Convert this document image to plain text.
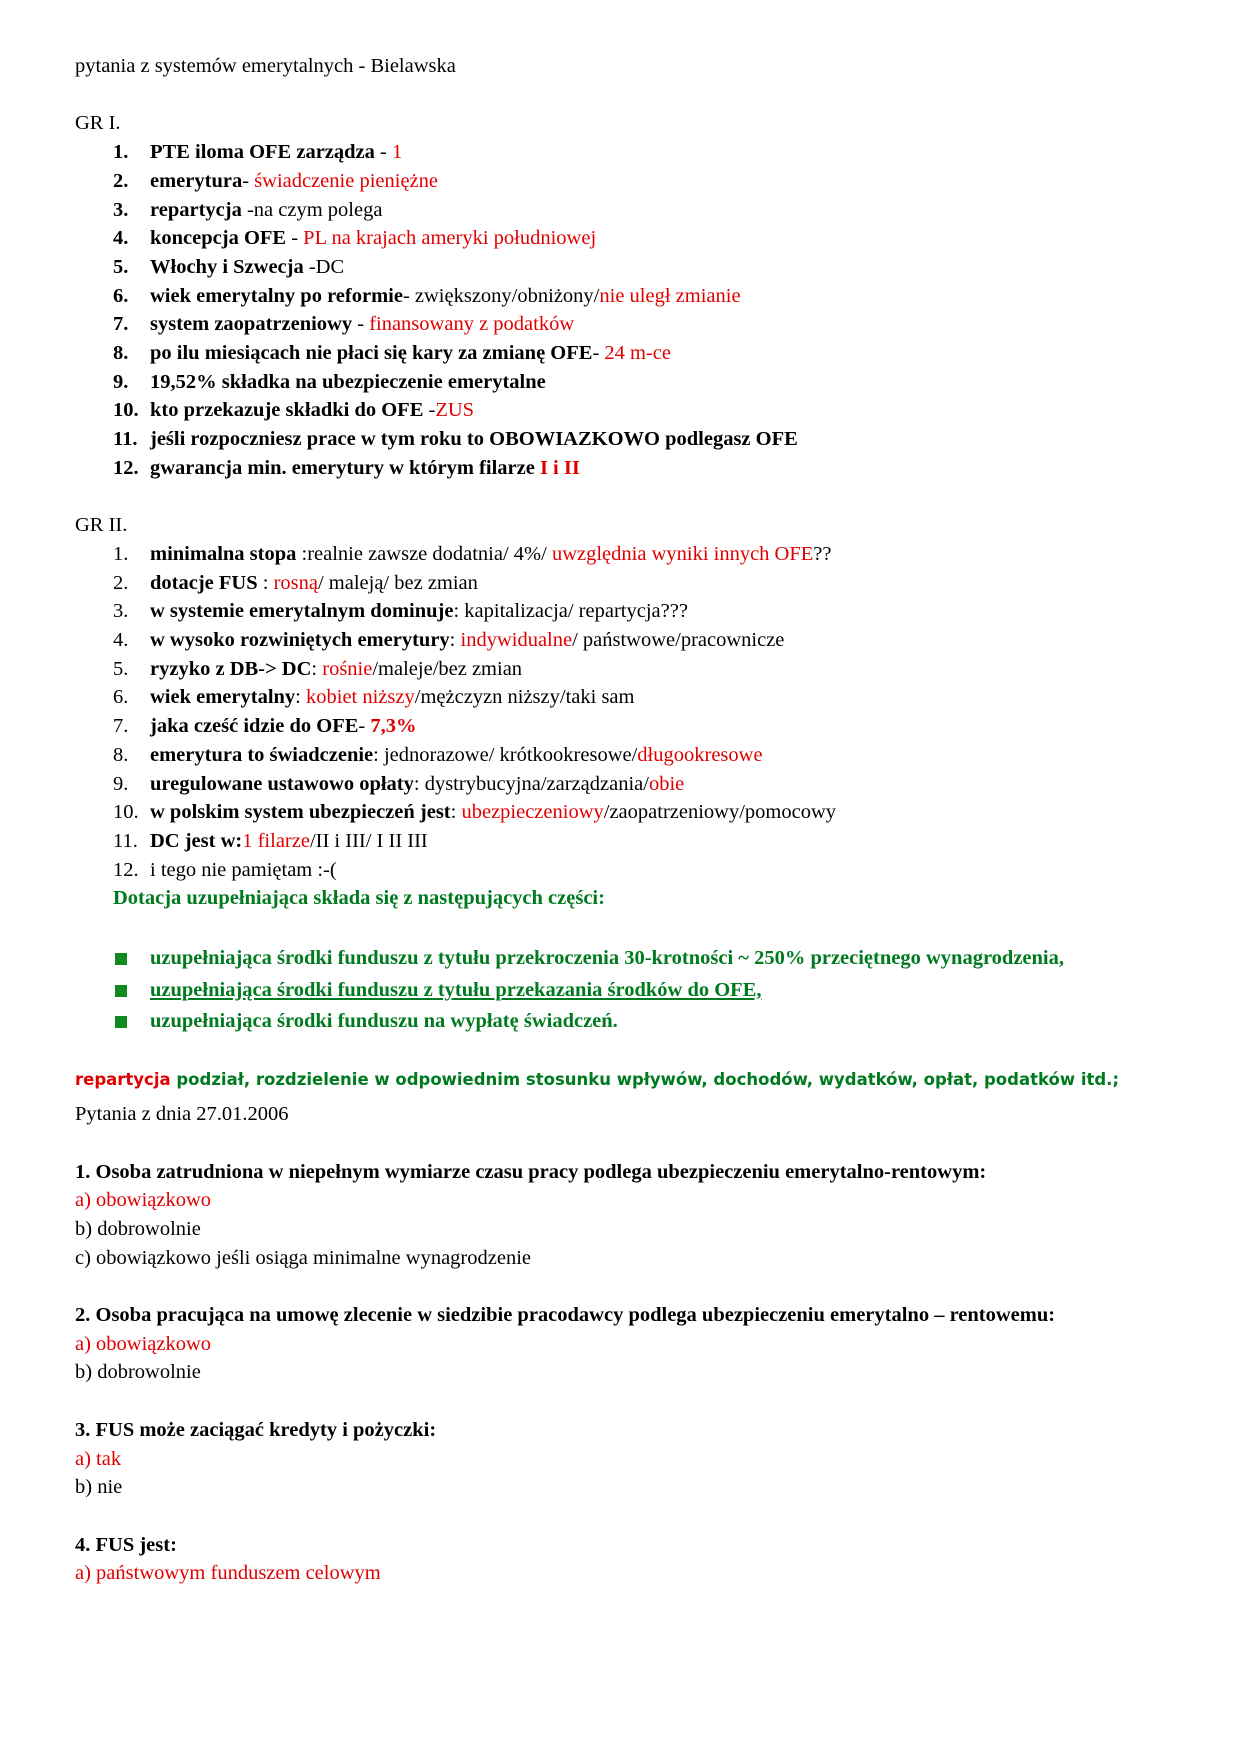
pytania z systemów emerytalnych - Bielawska
GR I.
1. PTE iloma OFE zarządza - 1
2. emerytura- świadczenie pieniężne
3. repartycja -na czym polega
4. koncepcja OFE - PL na krajach ameryki południowej
5. Włochy i Szwecja -DC
6. wiek emerytalny po reformie- zwiększony/obniżony/nie uległ zmianie
7. system zaopatrzeniowy - finansowany z podatków
8. po ilu miesiącach nie płaci się kary za zmianę OFE- 24 m-ce
9. 19,52% składka na ubezpieczenie emerytalne
10. kto przekazuje składki do OFE -ZUS
11. jeśli rozpoczniesz prace w tym roku to OBOWIAZKOWO podlegasz OFE
12. gwarancja min. emerytury w którym filarze I i II
GR II.
1. minimalna stopa :realnie zawsze dodatnia/ 4%/ uwzględnia wyniki innych OFE??
2. dotacje FUS : rosną/ maleją/ bez zmian
3. w systemie emerytalnym dominuje: kapitalizacja/ repartycja???
4. w wysoko rozwiniętych emerytury: indywidualne/ państwowe/pracownicze
5. ryzyko z DB-> DC: rośnie/maleje/bez zmian
6. wiek emerytalny: kobiet niższy/mężczyzn niższy/taki sam
7. jaka cześć idzie do OFE- 7,3%
8. emerytura to świadczenie: jednorazowe/ krótkookresowe/długookresowe
9. uregulowane ustawowo opłaty: dystrybucyjna/zarządzania/obie
10. w polskim system ubezpieczeń jest: ubezpieczeniowy/zaopatrzeniowy/pomocowy
11. DC jest w:1 filarze/II i III/ I II III
12. i tego nie pamiętam :-(
Dotacja uzupełniająca składa się z następujących części:
uzupełniająca środki funduszu z tytułu przekroczenia 30-krotności ~ 250% przeciętnego wynagrodzenia,
uzupełniająca środki funduszu z tytułu przekazania środków do OFE,
uzupełniająca środki funduszu na wypłatę świadczeń.
repartycja podział, rozdzielenie w odpowiednim stosunku wpływów, dochodów, wydatków, opłat, podatków itd.;
Pytania z dnia 27.01.2006
1. Osoba zatrudniona w niepełnym wymiarze czasu pracy podlega ubezpieczeniu emerytalno-rentowym:
a) obowiązkowo
b) dobrowolnie
c) obowiązkowo jeśli osiąga minimalne wynagrodzenie
2. Osoba pracująca na umowę zlecenie w siedzibie pracodawcy podlega ubezpieczeniu emerytalno – rentowemu:
a) obowiązkowo
b) dobrowolnie
3. FUS może zaciągać kredyty i pożyczki:
a) tak
b) nie
4. FUS jest:
a) państwowym funduszem celowym
